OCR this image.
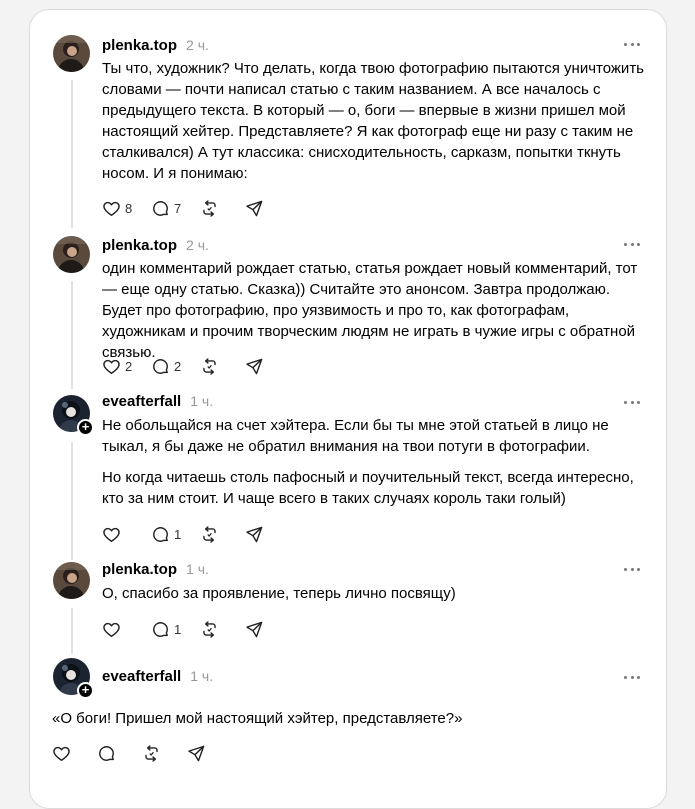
plenka.top 2 ч.

Ты что, художник? Что делать, когда твою фотографию пытаются уничтожить словами — почти написал статью с таким названием. А все началось с предыдущего текста. В который — о, боги — впервые в жизни пришел мой настоящий хейтер. Представляете? Я как фотограф еще ни разу с таким не сталкивался) А тут классика: снисходительность, сарказм, попытки ткнуть носом. И я понимаю:

8	7
plenka.top 2 ч.

один комментарий рождает статью, статья рождает новый комментарий, тот — еще одну статью. Сказка)) Считайте это анонсом. Завтра продолжаю. Будет про фотографию, про уязвимость и про то, как фотографам, художникам и прочим творческим людям не играть в чужие игры с обратной связью.

2	2
+
eveafterfall 1 ч.

Не обольщайся на счет хэйтера. Если бы ты мне этой статьей в лицо не тыкал, я бы даже не обратил внимания на твои потуги в фотографии.

Но когда читаешь столь пафосный и поучительный текст, всегда интересно, кто за ним стоит. И чаще всего в таких случаях король таки голый)

1
plenka.top 1 ч.

О, спасибо за проявление, теперь лично посвящу)

1
+
eveafterfall 1 ч.

«О боги! Пришел мой настоящий хэйтер, представляете?»
